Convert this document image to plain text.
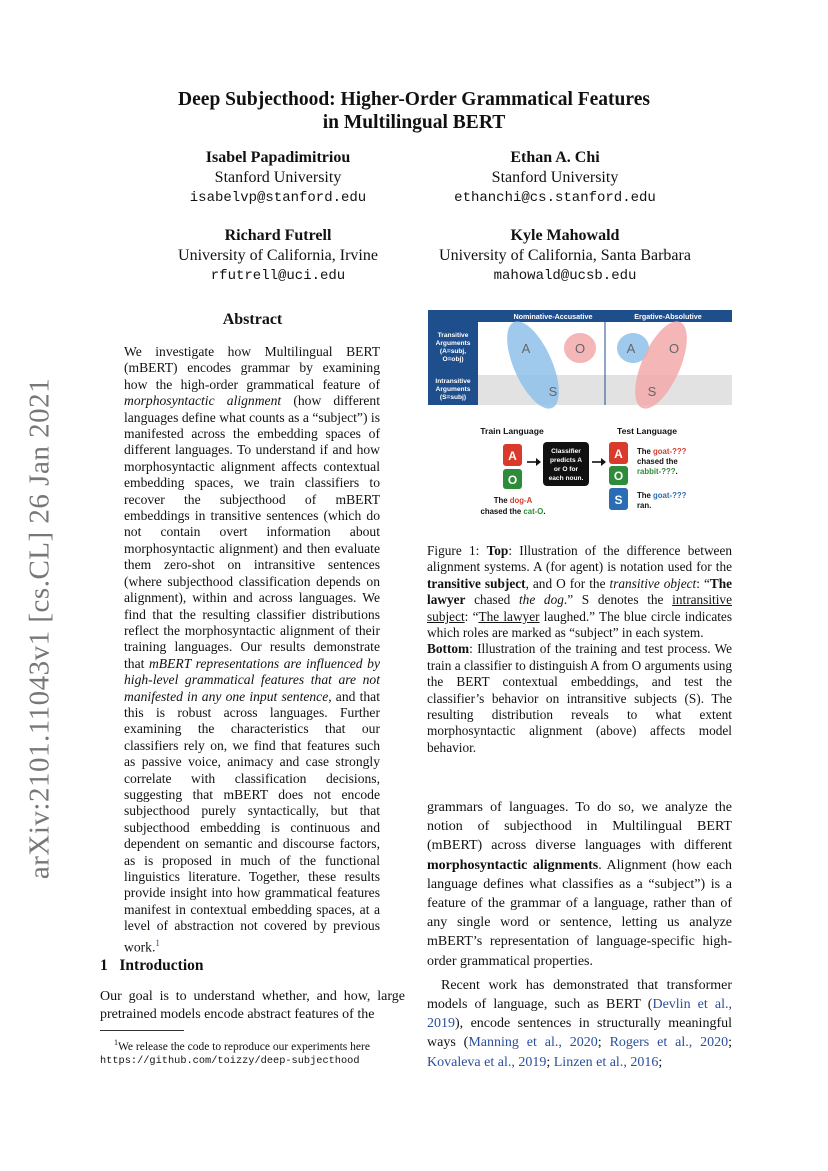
arXiv:2101.11043v1 [cs.CL] 26 Jan 2021
Deep Subjecthood: Higher-Order Grammatical Features
in Multilingual BERT
Isabel Papadimitriou
Stanford University
isabelvp@stanford.edu
Ethan A. Chi
Stanford University
ethanchi@cs.stanford.edu
Richard Futrell
University of California, Irvine
rfutrell@uci.edu
Kyle Mahowald
University of California, Santa Barbara
mahowald@ucsb.edu
Abstract

We investigate how Multilingual BERT (mBERT) encodes grammar by examining how the high-order grammatical feature of morphosyntactic alignment (how different languages define what counts as a “subject”) is manifested across the embedding spaces of different languages. To understand if and how morphosyntactic alignment affects contextual embedding spaces, we train classifiers to recover the subjecthood of mBERT embeddings in transitive sentences (which do not contain overt information about morphosyntactic alignment) and then evaluate them zero-shot on intransitive sentences (where subjecthood classification depends on alignment), within and across languages. We find that the resulting classifier distributions reflect the morphosyntactic alignment of their training languages. Our results demonstrate that mBERT representations are influenced by high-level grammatical features that are not manifested in any one input sentence, and that this is robust across languages. Further examining the characteristics that our classifiers rely on, we find that features such as passive voice, animacy and case strongly correlate with classification decisions, suggesting that mBERT does not encode subjecthood purely syntactically, but that subjecthood embedding is continuous and dependent on semantic and discourse factors, as is proposed in much of the functional linguistics literature. Together, these results provide insight into how grammatical features manifest in contextual embedding spaces, at a level of abstraction not covered by previous work.$^1$

1 Introduction
Our goal is to understand whether, and how, large pretrained models encode abstract features of the
$^1$We release the code to reproduce our experiments here
https://github.com/toizzy/deep-subjecthood
Nominative-Accusative	Ergative-Absolutive
Transitive
Arguments
(A=subj,
O=obj)
Intransitive
Arguments
(S=subj)
A	O
S
A	O
S
Train Language	Test Language
A
O
Classifier
predicts A
or O for
each noun.
A
O
S
The goat-???
chased the
rabbit-???.
The goat-???
ran.
The dog-A
chased the cat-O.

Figure 1: Top: Illustration of the difference between alignment systems. A (for agent) is notation used for the transitive subject, and O for the transitive object: “The lawyer chased the dog.” S denotes the intransitive subject: “The lawyer laughed.” The blue circle indicates which roles are marked as “subject” in each system.

Bottom: Illustration of the training and test process. We train a classifier to distinguish A from O arguments using the BERT contextual embeddings, and test the classifier’s behavior on intransitive subjects (S). The resulting distribution reveals to what extent morphosyntactic alignment (above) affects model behavior.

grammars of languages. To do so, we analyze the notion of subjecthood in Multilingual BERT (mBERT) across diverse languages with different morphosyntactic alignments. Alignment (how each language defines what classifies as a “subject”) is a feature of the grammar of a language, rather than of any single word or sentence, letting us analyze mBERT’s representation of language-specific high-order grammatical properties.

Recent work has demonstrated that transformer models of language, such as BERT (Devlin et al., 2019), encode sentences in structurally meaningful ways (Manning et al., 2020; Rogers et al., 2020; Kovaleva et al., 2019; Linzen et al., 2016;
